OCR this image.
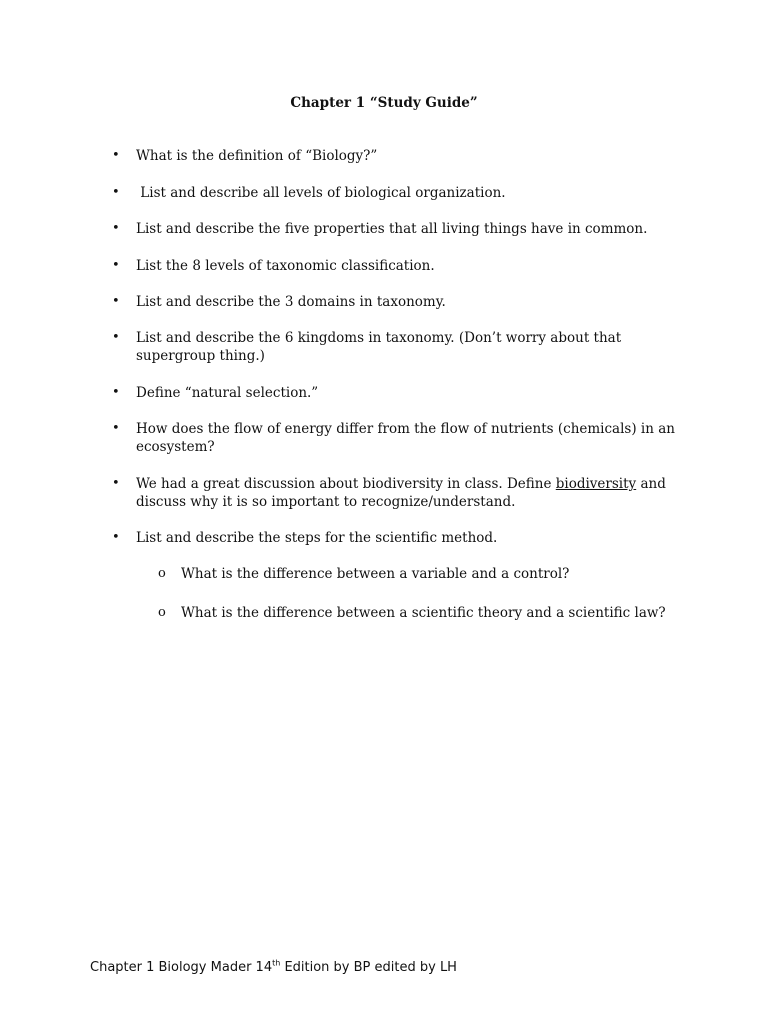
Chapter 1 “Study Guide”
• What is the definition of “Biology?”
• List and describe all levels of biological organization.
• List and describe the five properties that all living things have in common.
• List the 8 levels of taxonomic classification.
• List and describe the 3 domains in taxonomy.
• List and describe the 6 kingdoms in taxonomy. (Don’t worry about that supergroup thing.)
• Define “natural selection.”
• How does the flow of energy differ from the flow of nutrients (chemicals) in an ecosystem?
• We had a great discussion about biodiversity in class. Define biodiversity and discuss why it is so important to recognize/understand.
• List and describe the steps for the scientific method.
o What is the difference between a variable and a control?
o What is the difference between a scientific theory and a scientific law?
Chapter 1 Biology Mader 14th Edition by BP edited by LH
